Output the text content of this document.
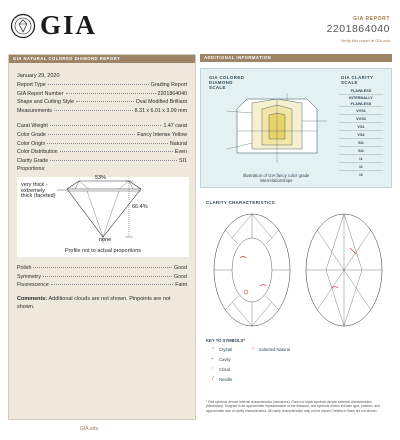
GIA	GIA REPORT
2201864040
Verify this report at GIA.edu
GIA NATURAL COLORED DIAMOND REPORT
January 29, 2020
Report Type	Grading Report
GIA Report Number	2201864040
Shape and Cutting Style	Oval Modified Brilliant
Measurements	8.31 x 6.01 x 3.99 mm
Carat Weight	1.47 carat
Color Grade	Fancy Intense Yellow
Color Origin	Natural
Color Distribution	Even
Clarity Grade	SI1
Proportions:
53%
66.4%
very thick - extremely thick (faceted)
none
Profile not to actual proportions
Polish	Good
Symmetry	Good
Fluorescence	Faint
Comments: Additional clouds are not shown. Pinpoints are not shown.
ADDITIONAL INFORMATION
GIA COLORED DIAMOND SCALE
GIA CLARITY SCALE
Illustration of GIA fancy color grade interrelationships
FLAWLESS
INTERNALLY FLAWLESS
VVS1
VVS2
VS1
VS2
SI1
SI2
I1
I2
I3
CLARITY CHARACTERISTICS
KEY TO SYMBOLS*
~	Crystal	∩ Indented Natural
⌐	Cavity
◌	Cloud
/	Needle
* Red symbols denote internal characteristics (inclusions). Green or black symbols denote external characteristics (blemishes). Diagram is an approximate representation of the diamond, and symbols shown indicate type, position, and approximate size of clarity characteristics. All clarity characteristics may not be shown. Details of finish are not shown.
GIA.edu
